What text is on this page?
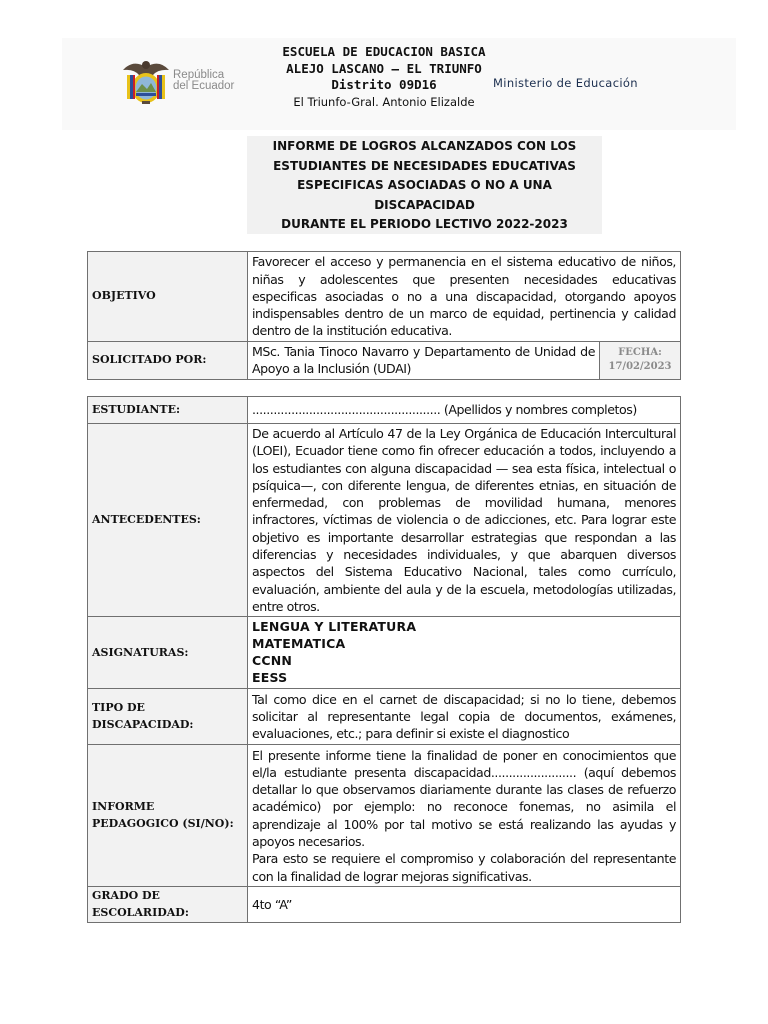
República
del Ecuador
ESCUELA DE EDUCACION BASICA
ALEJO LASCANO – EL TRIUNFO
Distrito 09D16
El Triunfo-Gral. Antonio Elizalde
Ministerio de Educación
INFORME DE LOGROS ALCANZADOS CON LOS
ESTUDIANTES DE NECESIDADES EDUCATIVAS
ESPECIFICAS ASOCIADAS O NO A UNA DISCAPACIDAD
DURANTE EL PERIODO LECTIVO 2022-2023
OBJETIVO	Favorecer el acceso y permanencia en el sistema educativo de niños, niñas y adolescentes que presenten necesidades educativas especificas asociadas o no a una discapacidad, otorgando apoyos indispensables dentro de un marco de equidad, pertinencia y calidad dentro de la institución educativa.	
SOLICITADO POR:	MSc. Tania Tinoco Navarro y Departamento de Unidad de Apoyo a la Inclusión (UDAI)	FECHA:
17/02/2023
ESTUDIANTE:	..................................................... (Apellidos y nombres completos)
ANTECEDENTES:	De acuerdo al Artículo 47 de la Ley Orgánica de Educación Intercultural (LOEI), Ecuador tiene como fin ofrecer educación a todos, incluyendo a los estudiantes con alguna discapacidad — sea esta física, intelectual o psíquica—, con diferente lengua, de diferentes etnias, en situación de enfermedad, con problemas de movilidad humana, menores infractores, víctimas de violencia o de adicciones, etc. Para lograr este objetivo es importante desarrollar estrategias que respondan a las diferencias y necesidades individuales, y que abarquen diversos aspectos del Sistema Educativo Nacional, tales como currículo, evaluación, ambiente del aula y de la escuela, metodologías utilizadas, entre otros.
ASIGNATURAS:	LENGUA Y LITERATURA
MATEMATICA
CCNN
EESS

TIPO DE
DISCAPACIDAD:	Tal como dice en el carnet de discapacidad; si no lo tiene, debemos solicitar al representante legal copia de documentos, exámenes, evaluaciones, etc.; para definir si existe el diagnostico

INFORME
PEDAGOGICO (SI/NO):	El presente informe tiene la finalidad de poner en conocimientos que el/la estudiante presenta discapacidad........................ (aquí debemos detallar lo que observamos diariamente durante las clases de refuerzo académico) por ejemplo: no reconoce fonemas, no asimila el aprendizaje al 100% por tal motivo se está realizando las ayudas y apoyos necesarios.
Para esto se requiere el compromiso y colaboración del representante con la finalidad de lograr mejoras significativas.

GRADO DE
ESCOLARIDAD:	4to “A”
